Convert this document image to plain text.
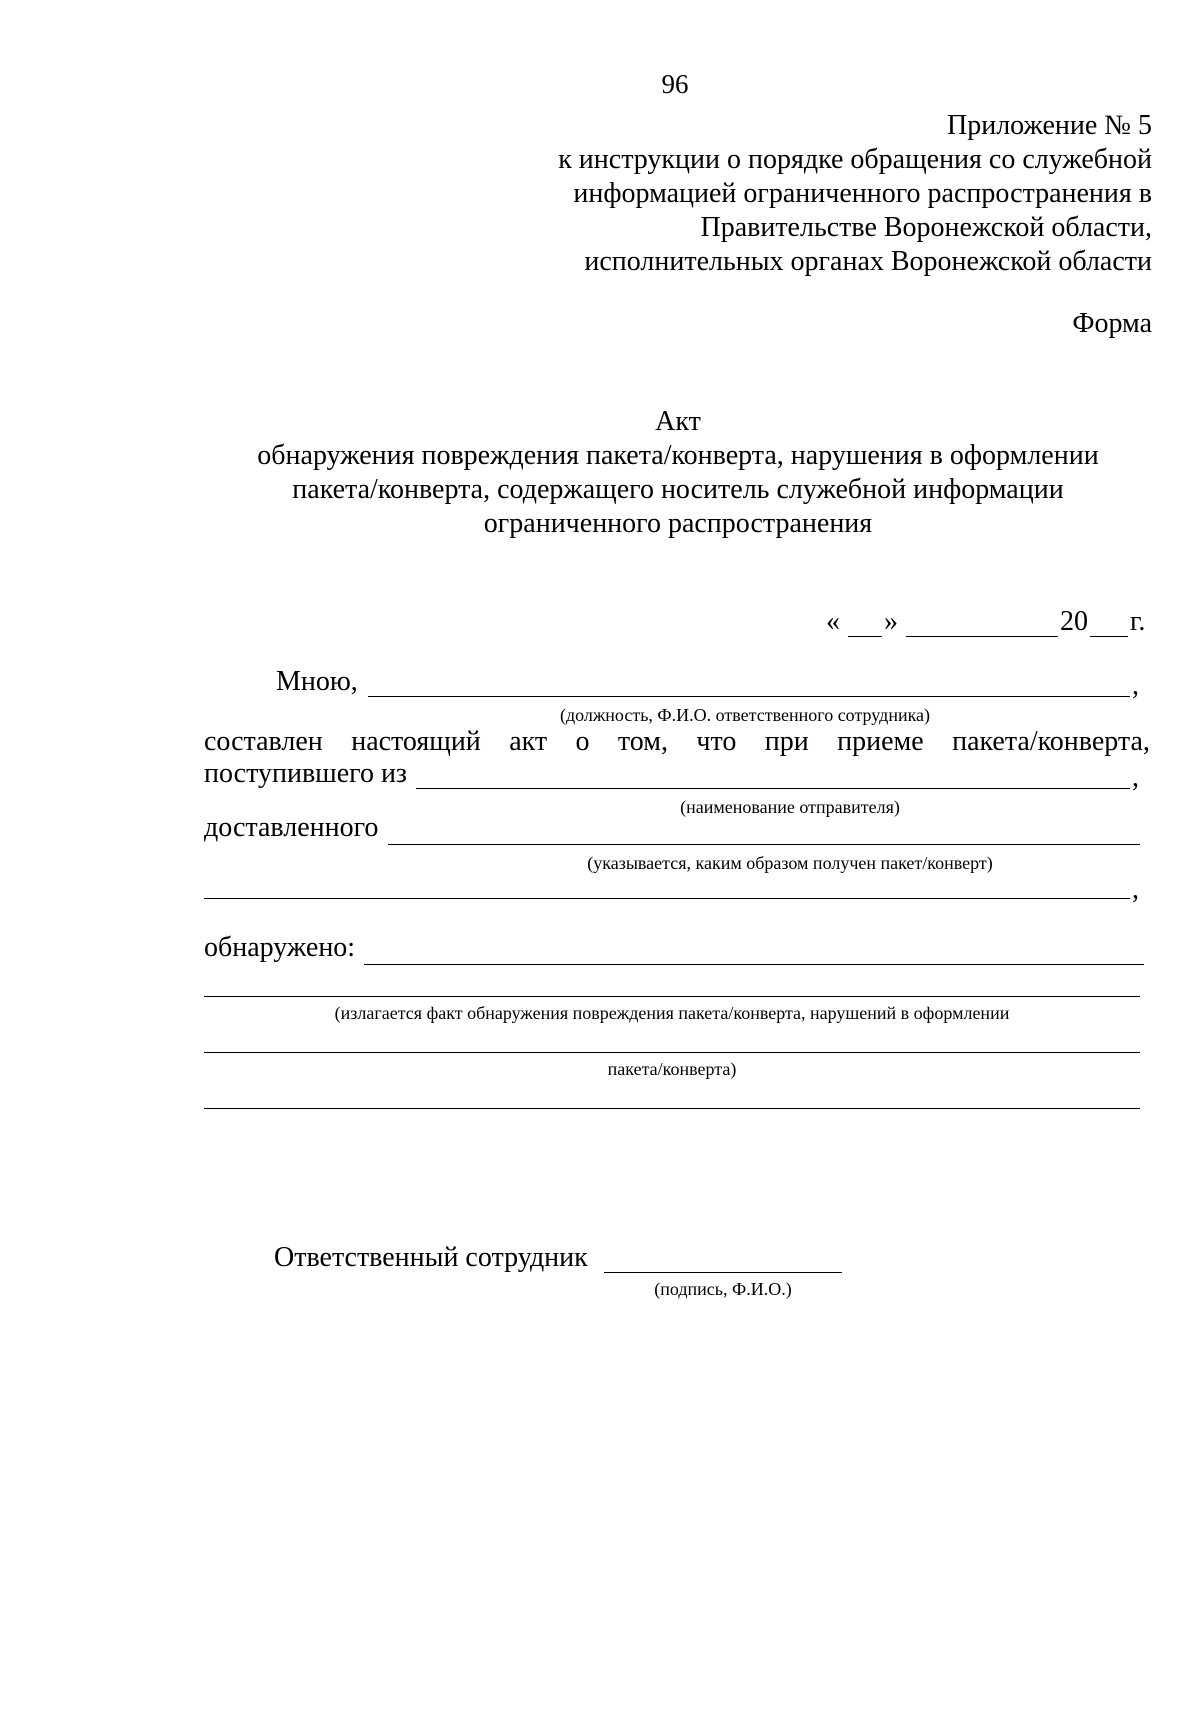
96
Приложение № 5
к инструкции о порядке обращения со служебной
информацией ограниченного распространения в
Правительстве Воронежской области,
исполнительных органах Воронежской области
Форма
Акт
обнаружения повреждения пакета/конверта, нарушения в оформлении
пакета/конверта, содержащего носитель служебной информации
ограниченного распространения
« »	20 г.
Мною,	,
(должность, Ф.И.О. ответственного сотрудника)
составлен настоящий акт о том, что при приеме пакета/конверта,
поступившего из	,
(наименование отправителя)
доставленного
(указывается, каким образом получен пакет/конверт)
,
обнаружено:
(излагается факт обнаружения повреждения пакета/конверта, нарушений в оформлении
пакета/конверта)
Ответственный сотрудник
(подпись, Ф.И.О.)
